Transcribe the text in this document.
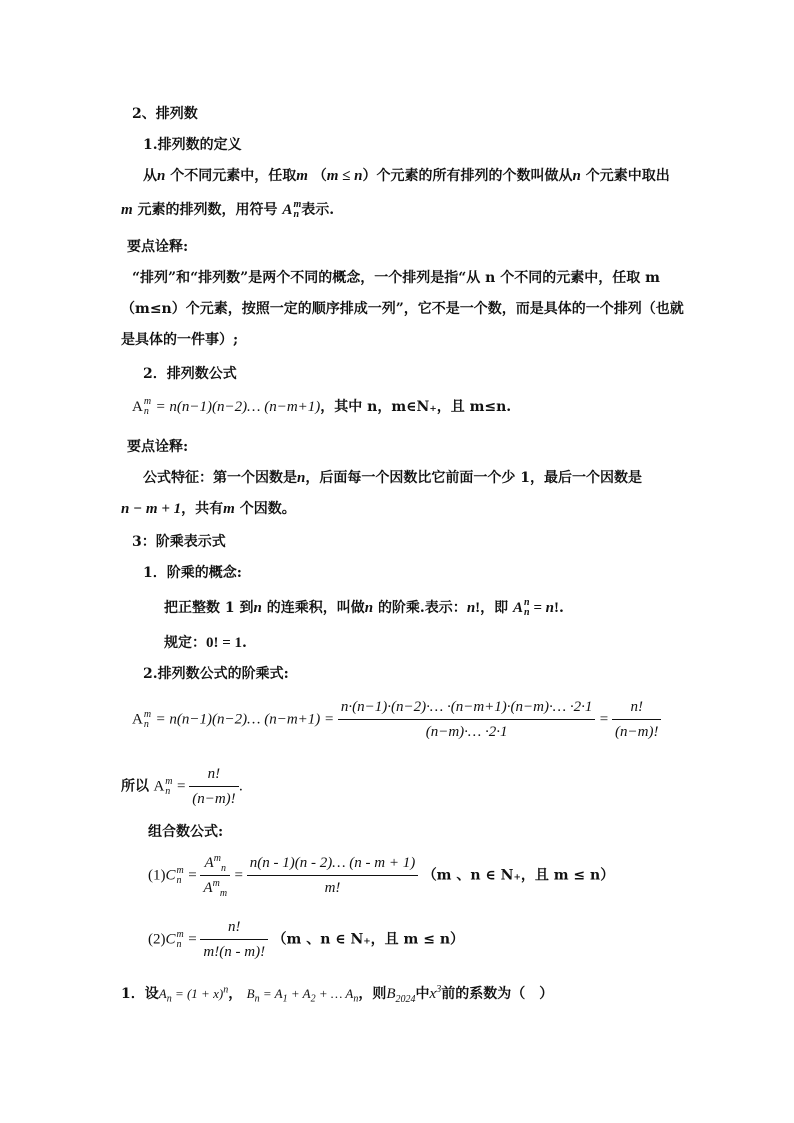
2、排列数
1.排列数的定义
从n 个不同元素中，任取m （m ≤ n）个元素的所有排列的个数叫做从n 个元素中取出
m 元素的排列数，用符号 A m
n 表示.
要点诠释:
“排列”和“排列数”是两个不同的概念，一个排列是指“从 n 个不同的元素中，任取 m
（m≤n）个元素，按照一定的顺序排成一列”，它不是一个数，而是具体的一个排列（也就
是具体的一件事）;
2．排列数公式
A m
n = n(n−1)(n−2)… (n−m+1)，其中 n，m∈N₊，且 m≤n.
要点诠释:
公式特征：第一个因数是n，后面每一个因数比它前面一个少 1，最后一个因数是
n − m + 1，共有m 个因数。
3：阶乘表示式
1．阶乘的概念:
把正整数 1 到n 的连乘积，叫做n 的阶乘.表示：n!，即 A n
n = n!.
规定：0! = 1.
2.排列数公式的阶乘式:
A m
n = n(n−1)(n−2)… $(n-m+1) = \frac{n\cdot(n-1)\cdot(n-2)\cdot\dots \cdot(n-m+1)\cdot(n-m)\cdot\dots \cdot 2\cdot 1}{(n-m)\cdot\dots \cdot 2\cdot 1} = \frac{n!}{(n-m)!}$
所以 A m
$n = \frac{n!}{(n-m)!}$ .
组合数公式:
(1)C m
$n = \frac{A^m_n}{A^m_m} = \frac{n(n - 1)(n - 2)\dots (n - m + 1)}{m!} (m$ 、n ∈ N₊，且 m ≤ n）
(2)C m
$n = \frac{n!}{m!(n - m)!} (m$ 、n ∈ N₊，且 m ≤ n）
1．设$A_n = (1 + x)^n$， $B_n = A_1 + A_2$ + … $A_n$，则$B_{2024}$中$x^3$前的系数为（　）
